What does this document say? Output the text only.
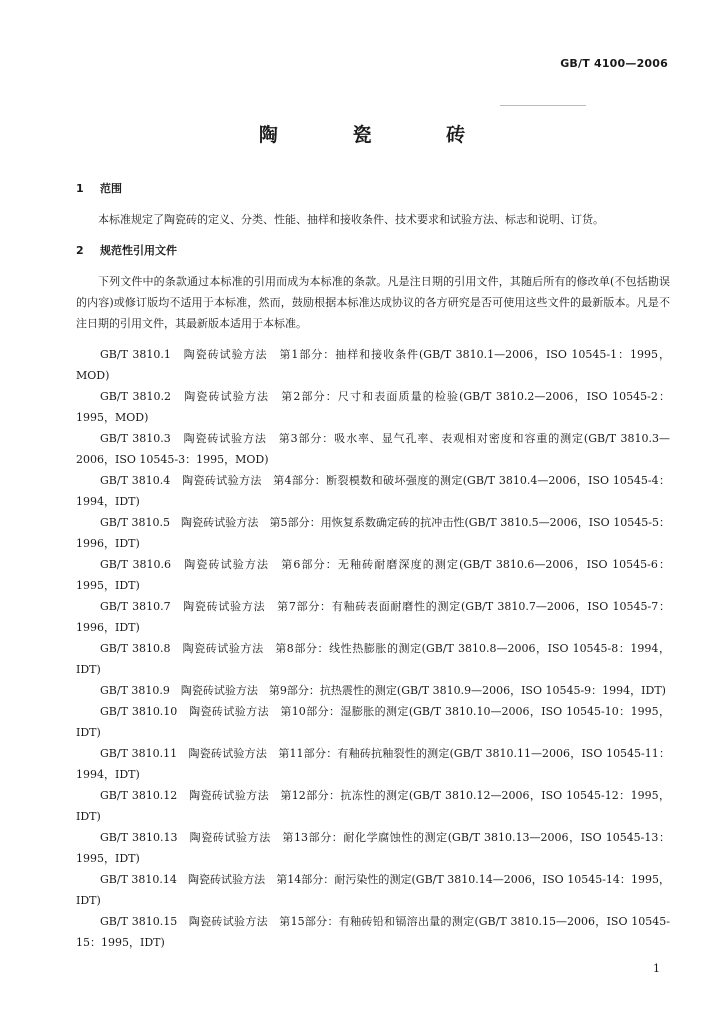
GB/T 4100—2006
陶 瓷 砖
1 范围

本标准规定了陶瓷砖的定义、分类、性能、抽样和接收条件、技术要求和试验方法、标志和说明、订货。

2 规范性引用文件

下列文件中的条款通过本标准的引用而成为本标准的条款。凡是注日期的引用文件，其随后所有的修改单(不包括勘误的内容)或修订版均不适用于本标准，然而，鼓励根据本标准达成协议的各方研究是否可使用这些文件的最新版本。凡是不注日期的引用文件，其最新版本适用于本标准。

GB/T 3810.1　陶瓷砖试验方法　第1部分：抽样和接收条件(GB/T 3810.1—2006，ISO 10545-1：1995，MOD)

GB/T 3810.2　陶瓷砖试验方法　第2部分：尺寸和表面质量的检验(GB/T 3810.2—2006，ISO 10545-2：1995，MOD)

GB/T 3810.3　陶瓷砖试验方法　第3部分：吸水率、显气孔率、表观相对密度和容重的测定(GB/T 3810.3—2006，ISO 10545-3：1995，MOD)

GB/T 3810.4　陶瓷砖试验方法　第4部分：断裂模数和破坏强度的测定(GB/T 3810.4—2006，ISO 10545-4：1994，IDT)

GB/T 3810.5　陶瓷砖试验方法　第5部分：用恢复系数确定砖的抗冲击性(GB/T 3810.5—2006，ISO 10545-5：1996，IDT)

GB/T 3810.6　陶瓷砖试验方法　第6部分：无釉砖耐磨深度的测定(GB/T 3810.6—2006，ISO 10545-6：1995，IDT)

GB/T 3810.7　陶瓷砖试验方法　第7部分：有釉砖表面耐磨性的测定(GB/T 3810.7—2006，ISO 10545-7：1996，IDT)

GB/T 3810.8　陶瓷砖试验方法　第8部分：线性热膨胀的测定(GB/T 3810.8—2006，ISO 10545-8：1994，IDT)

GB/T 3810.9　陶瓷砖试验方法　第9部分：抗热震性的测定(GB/T 3810.9—2006，ISO 10545-9：1994，IDT)

GB/T 3810.10　陶瓷砖试验方法　第10部分：湿膨胀的测定(GB/T 3810.10—2006，ISO 10545-10：1995，IDT)

GB/T 3810.11　陶瓷砖试验方法　第11部分：有釉砖抗釉裂性的测定(GB/T 3810.11—2006，ISO 10545-11：1994，IDT)

GB/T 3810.12　陶瓷砖试验方法　第12部分：抗冻性的测定(GB/T 3810.12—2006，ISO 10545-12：1995，IDT)

GB/T 3810.13　陶瓷砖试验方法　第13部分：耐化学腐蚀性的测定(GB/T 3810.13—2006，ISO 10545-13：1995，IDT)

GB/T 3810.14　陶瓷砖试验方法　第14部分：耐污染性的测定(GB/T 3810.14—2006，ISO 10545-14：1995，IDT)

GB/T 3810.15　陶瓷砖试验方法　第15部分：有釉砖铅和镉溶出量的测定(GB/T 3810.15—2006，ISO 10545-15：1995，IDT)

1
